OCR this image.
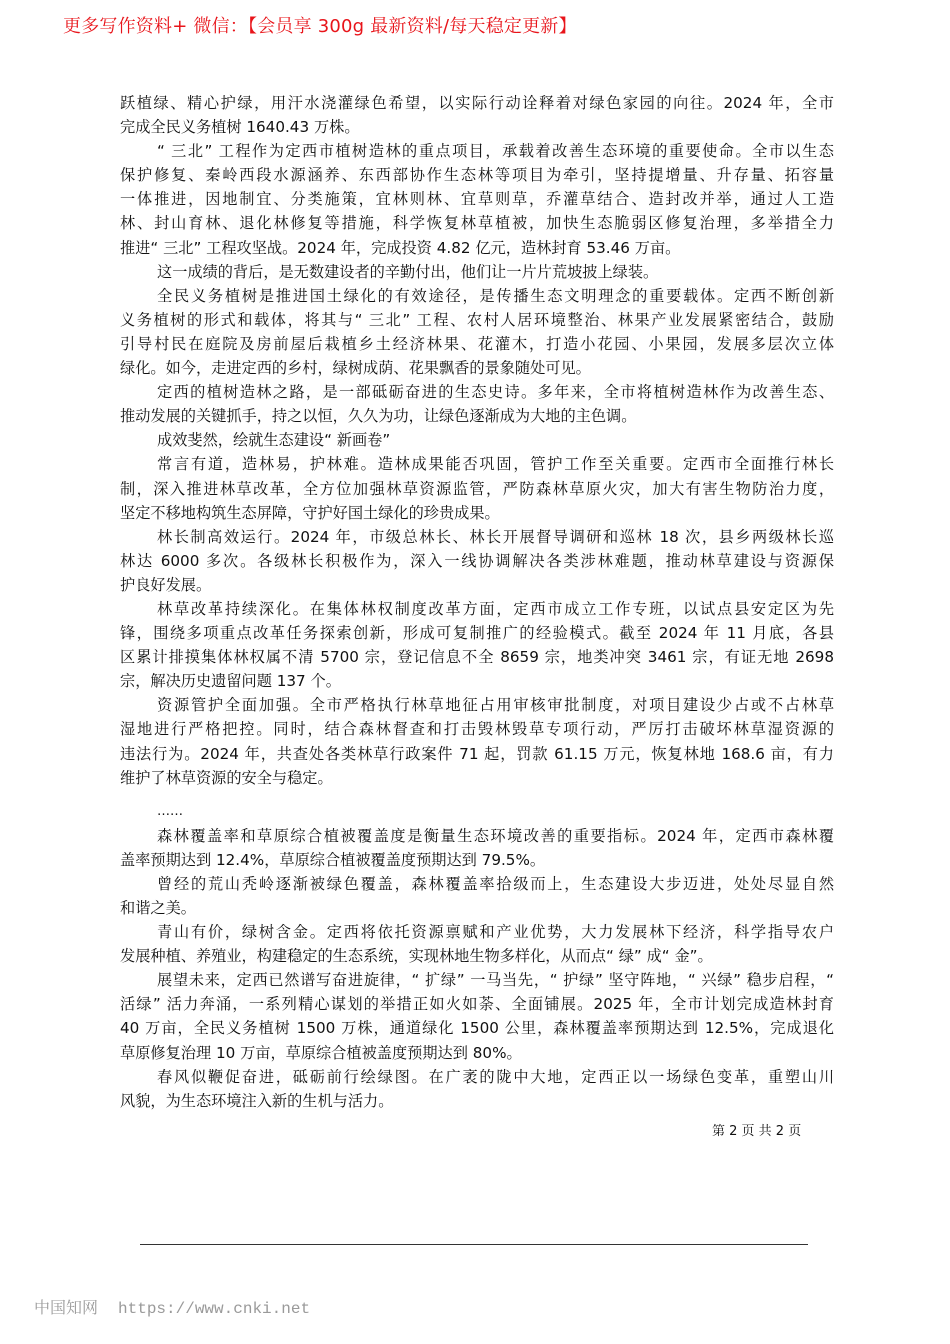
更多写作资料+ 微信：【会员享 300g 最新资料/每天稳定更新】
跃植绿、精心护绿，用汗水浇灌绿色希望，以实际行动诠释着对绿色家园的向往。2024 年，全市
完成全民义务植树 1640.43 万株。
“ 三北” 工程作为定西市植树造林的重点项目，承载着改善生态环境的重要使命。全市以生态
保护修复、秦岭西段水源涵养、东西部协作生态林等项目为牵引，坚持提增量、升存量、拓容量
一体推进，因地制宜、分类施策，宜林则林、宜草则草，乔灌草结合、造封改并举，通过人工造
林、封山育林、退化林修复等措施，科学恢复林草植被，加快生态脆弱区修复治理，多举措全力
推进“ 三北” 工程攻坚战。2024 年，完成投资 4.82 亿元，造林封育 53.46 万亩。
这一成绩的背后，是无数建设者的辛勤付出，他们让一片片荒坡披上绿装。
全民义务植树是推进国土绿化的有效途径，是传播生态文明理念的重要载体。定西不断创新
义务植树的形式和载体，将其与“ 三北” 工程、农村人居环境整治、林果产业发展紧密结合，鼓励
引导村民在庭院及房前屋后栽植乡土经济林果、花灌木，打造小花园、小果园，发展多层次立体
绿化。如今，走进定西的乡村，绿树成荫、花果飘香的景象随处可见。
定西的植树造林之路，是一部砥砺奋进的生态史诗。多年来，全市将植树造林作为改善生态、
推动发展的关键抓手，持之以恒，久久为功，让绿色逐渐成为大地的主色调。
成效斐然，绘就生态建设“ 新画卷”
常言有道，造林易，护林难。造林成果能否巩固，管护工作至关重要。定西市全面推行林长
制，深入推进林草改革，全方位加强林草资源监管，严防森林草原火灾，加大有害生物防治力度，
坚定不移地构筑生态屏障，守护好国土绿化的珍贵成果。
林长制高效运行。2024 年，市级总林长、林长开展督导调研和巡林 18 次，县乡两级林长巡
林达 6000 多次。各级林长积极作为，深入一线协调解决各类涉林难题，推动林草建设与资源保
护良好发展。
林草改革持续深化。在集体林权制度改革方面，定西市成立工作专班，以试点县安定区为先
锋，围绕多项重点改革任务探索创新，形成可复制推广的经验模式。截至 2024 年 11 月底，各县
区累计排摸集体林权属不清 5700 宗，登记信息不全 8659 宗，地类冲突 3461 宗，有证无地 2698
宗，解决历史遗留问题 137 个。
资源管护全面加强。全市严格执行林草地征占用审核审批制度，对项目建设少占或不占林草
湿地进行严格把控。同时，结合森林督查和打击毁林毁草专项行动，严厉打击破坏林草湿资源的
违法行为。2024 年，共查处各类林草行政案件 71 起，罚款 61.15 万元，恢复林地 168.6 亩，有力
维护了林草资源的安全与稳定。
……
森林覆盖率和草原综合植被覆盖度是衡量生态环境改善的重要指标。2024 年，定西市森林覆
盖率预期达到 12.4%，草原综合植被覆盖度预期达到 79.5%。
曾经的荒山秃岭逐渐被绿色覆盖，森林覆盖率拾级而上，生态建设大步迈进，处处尽显自然
和谐之美。
青山有价，绿树含金。定西将依托资源禀赋和产业优势，大力发展林下经济，科学指导农户
发展种植、养殖业，构建稳定的生态系统，实现林地生物多样化，从而点“ 绿” 成“ 金”。
展望未来，定西已然谱写奋进旋律，“ 扩绿” 一马当先，“ 护绿” 坚守阵地，“ 兴绿” 稳步启程，“
活绿” 活力奔涌，一系列精心谋划的举措正如火如荼、全面铺展。2025 年，全市计划完成造林封育
40 万亩，全民义务植树 1500 万株，通道绿化 1500 公里，森林覆盖率预期达到 12.5%，完成退化
草原修复治理 10 万亩，草原综合植被盖度预期达到 80%。
春风似鞭促奋进，砥砺前行绘绿图。在广袤的陇中大地，定西正以一场绿色变革，重塑山川
风貌，为生态环境注入新的生机与活力。
第 2 页 共 2 页
中国知网 https://www.cnki.net
